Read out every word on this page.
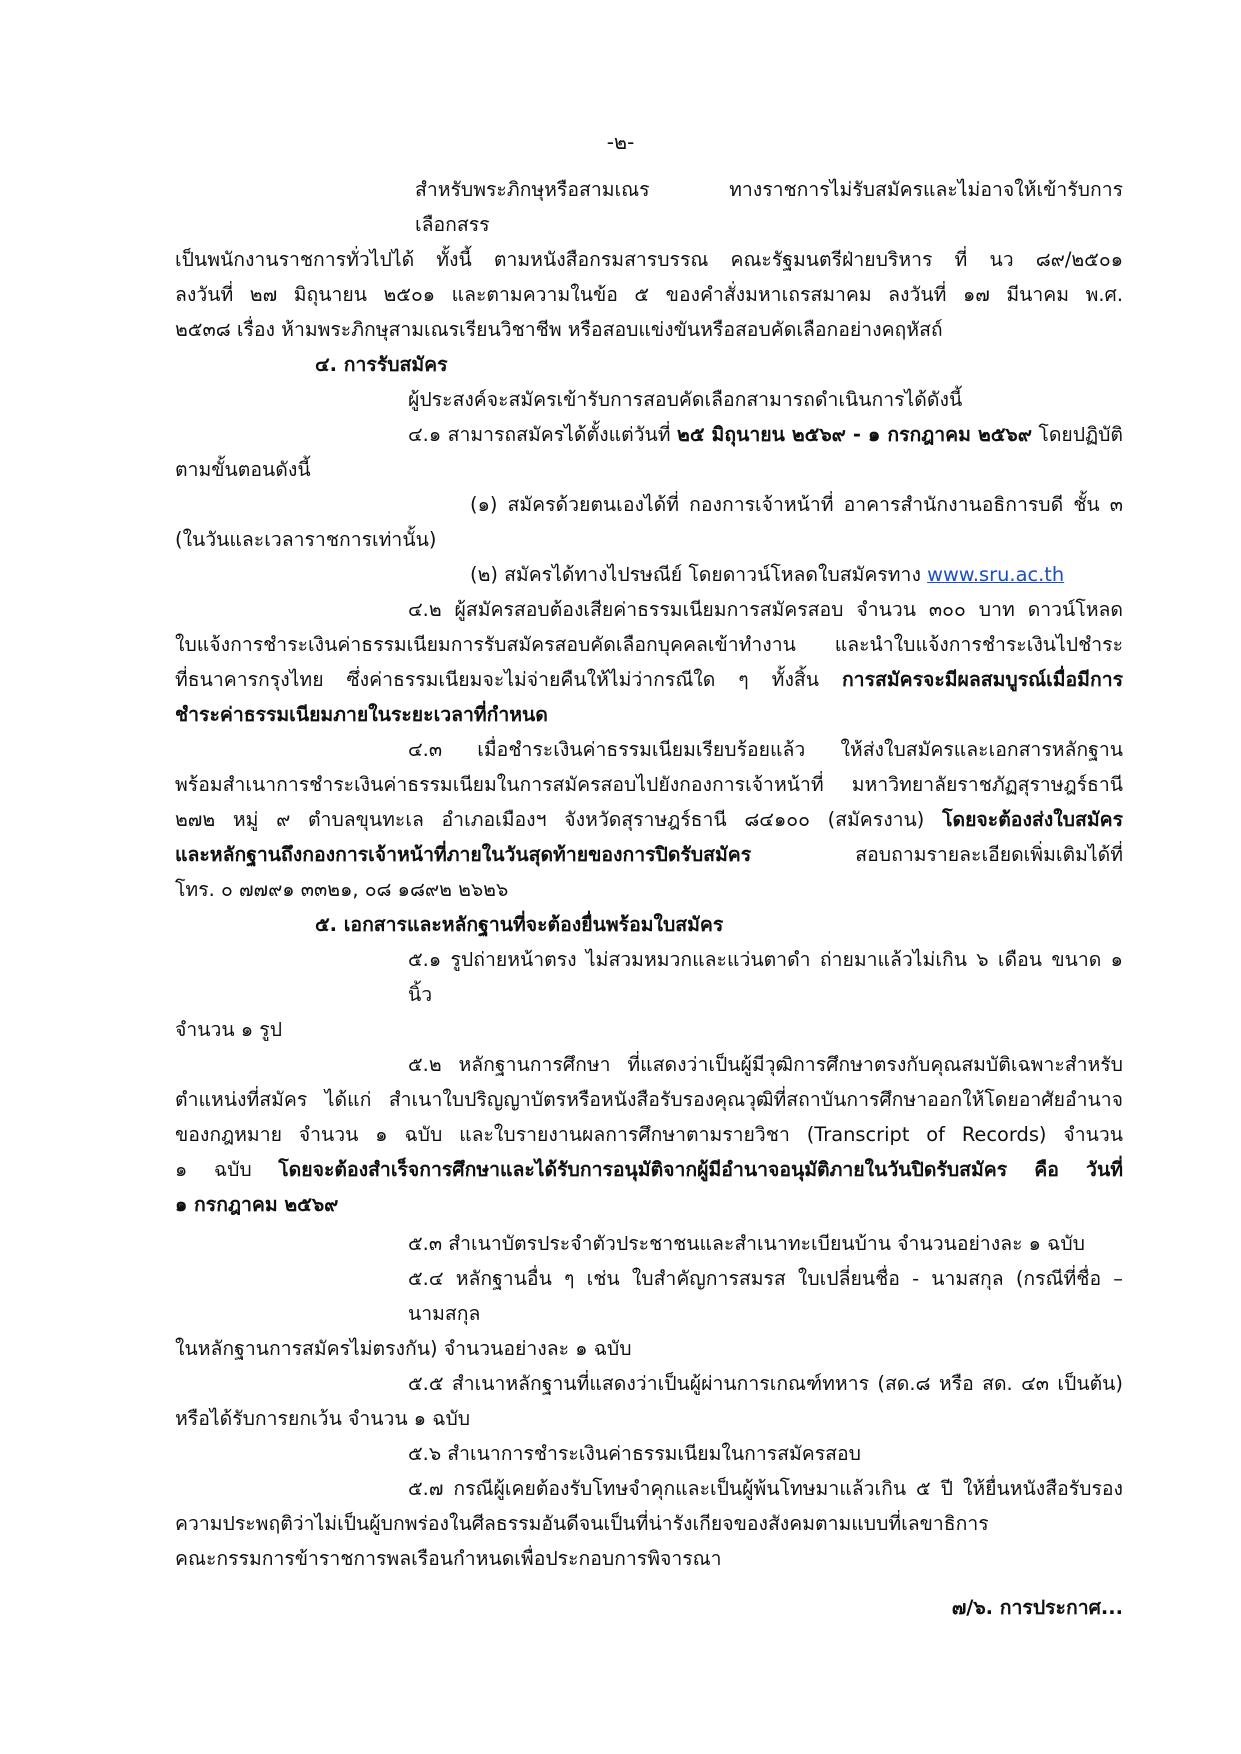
-๒-

สำหรับพระภิกษุหรือสามเณร ทางราชการไม่รับสมัครและไม่อาจให้เข้ารับการเลือกสรร

เป็นพนักงานราชการทั่วไปได้ ทั้งนี้ ตามหนังสือกรมสารบรรณ คณะรัฐมนตรีฝ่ายบริหาร ที่ นว ๘๙/๒๕๐๑

ลงวันที่ ๒๗ มิถุนายน ๒๕๐๑ และตามความในข้อ ๕ ของคำสั่งมหาเถรสมาคม ลงวันที่ ๑๗ มีนาคม พ.ศ.

๒๕๓๘ เรื่อง ห้ามพระภิกษุสามเณรเรียนวิชาชีพ หรือสอบแข่งขันหรือสอบคัดเลือกอย่างคฤหัสถ์

๔. การรับสมัคร

ผู้ประสงค์จะสมัครเข้ารับการสอบคัดเลือกสามารถดำเนินการได้ดังนี้

๔.๑ สามารถสมัครได้ตั้งแต่วันที่ ๒๕ มิถุนายน ๒๕๖๙ - ๑ กรกฎาคม ๒๕๖๙ โดยปฏิบัติ

ตามขั้นตอนดังนี้

(๑) สมัครด้วยตนเองได้ที่ กองการเจ้าหน้าที่ อาคารสำนักงานอธิการบดี ชั้น ๓

(ในวันและเวลาราชการเท่านั้น)

(๒) สมัครได้ทางไปรษณีย์ โดยดาวน์โหลดใบสมัครทาง www.sru.ac.th

๔.๒ ผู้สมัครสอบต้องเสียค่าธรรมเนียมการสมัครสอบ จำนวน ๓๐๐ บาท ดาวน์โหลด

ใบแจ้งการชำระเงินค่าธรรมเนียมการรับสมัครสอบคัดเลือกบุคคลเข้าทำงาน และนำใบแจ้งการชำระเงินไปชำระ

ที่ธนาคารกรุงไทย ซึ่งค่าธรรมเนียมจะไม่จ่ายคืนให้ไม่ว่ากรณีใด ๆ ทั้งสิ้น การสมัครจะมีผลสมบูรณ์เมื่อมีการ

ชำระค่าธรรมเนียมภายในระยะเวลาที่กำหนด

๔.๓ เมื่อชำระเงินค่าธรรมเนียมเรียบร้อยแล้ว ให้ส่งใบสมัครและเอกสารหลักฐาน

พร้อมสำเนาการชำระเงินค่าธรรมเนียมในการสมัครสอบไปยังกองการเจ้าหน้าที่ มหาวิทยาลัยราชภัฏสุราษฎร์ธานี

๒๗๒ หมู่ ๙ ตำบลขุนทะเล อำเภอเมืองฯ จังหวัดสุราษฎร์ธานี ๘๔๑๐๐ (สมัครงาน) โดยจะต้องส่งใบสมัคร

และหลักฐานถึงกองการเจ้าหน้าที่ภายในวันสุดท้ายของการปิดรับสมัคร สอบถามรายละเอียดเพิ่มเติมได้ที่

โทร. ๐ ๗๗๙๑ ๓๓๒๑, ๐๘ ๑๘๙๒ ๒๖๒๖

๕. เอกสารและหลักฐานที่จะต้องยื่นพร้อมใบสมัคร

๕.๑ รูปถ่ายหน้าตรง ไม่สวมหมวกและแว่นตาดำ ถ่ายมาแล้วไม่เกิน ๖ เดือน ขนาด ๑ นิ้ว

จำนวน ๑ รูป

๕.๒ หลักฐานการศึกษา ที่แสดงว่าเป็นผู้มีวุฒิการศึกษาตรงกับคุณสมบัติเฉพาะสำหรับ

ตำแหน่งที่สมัคร ได้แก่ สำเนาใบปริญญาบัตรหรือหนังสือรับรองคุณวุฒิที่สถาบันการศึกษาออกให้โดยอาศัยอำนาจ

ของกฎหมาย จำนวน ๑ ฉบับ และใบรายงานผลการศึกษาตามรายวิชา (Transcript of Records) จำนวน

๑ ฉบับ โดยจะต้องสำเร็จการศึกษาและได้รับการอนุมัติจากผู้มีอำนาจอนุมัติภายในวันปิดรับสมัคร คือ วันที่

๑ กรกฎาคม ๒๕๖๙

๕.๓ สำเนาบัตรประจำตัวประชาชนและสำเนาทะเบียนบ้าน จำนวนอย่างละ ๑ ฉบับ

๕.๔ หลักฐานอื่น ๆ เช่น ใบสำคัญการสมรส ใบเปลี่ยนชื่อ - นามสกุล (กรณีที่ชื่อ – นามสกุล

ในหลักฐานการสมัครไม่ตรงกัน) จำนวนอย่างละ ๑ ฉบับ

๕.๕ สำเนาหลักฐานที่แสดงว่าเป็นผู้ผ่านการเกณฑ์ทหาร (สด.๘ หรือ สด. ๔๓ เป็นต้น)

หรือได้รับการยกเว้น จำนวน ๑ ฉบับ

๕.๖ สำเนาการชำระเงินค่าธรรมเนียมในการสมัครสอบ

๕.๗ กรณีผู้เคยต้องรับโทษจำคุกและเป็นผู้พ้นโทษมาแล้วเกิน ๕ ปี ให้ยื่นหนังสือรับรอง

ความประพฤติว่าไม่เป็นผู้บกพร่องในศีลธรรมอันดีจนเป็นที่น่ารังเกียจของสังคมตามแบบที่เลขาธิการ

คณะกรรมการข้าราชการพลเรือนกำหนดเพื่อประกอบการพิจารณา

๗/๖. การประกาศ...
